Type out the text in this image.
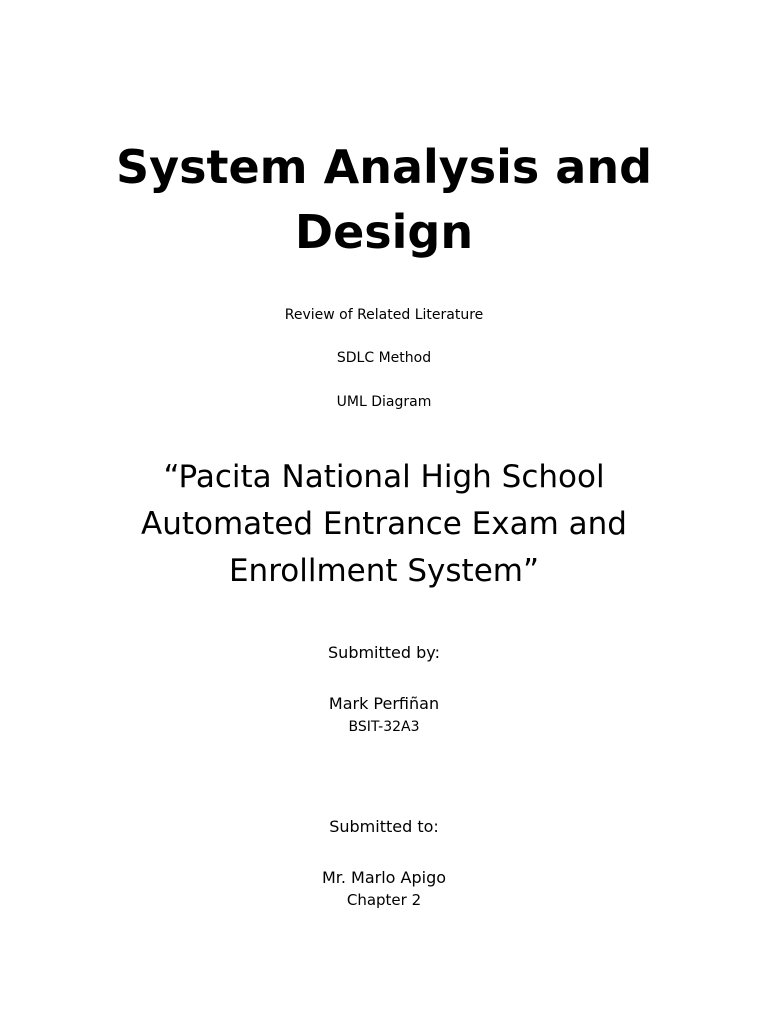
System Analysis and
Design
Review of Related Literature
SDLC Method
UML Diagram
“Pacita National High School
Automated Entrance Exam and
Enrollment System”
Submitted by:
Mark Perfiñan
BSIT-32A3
Submitted to:
Mr. Marlo Apigo
Chapter 2
